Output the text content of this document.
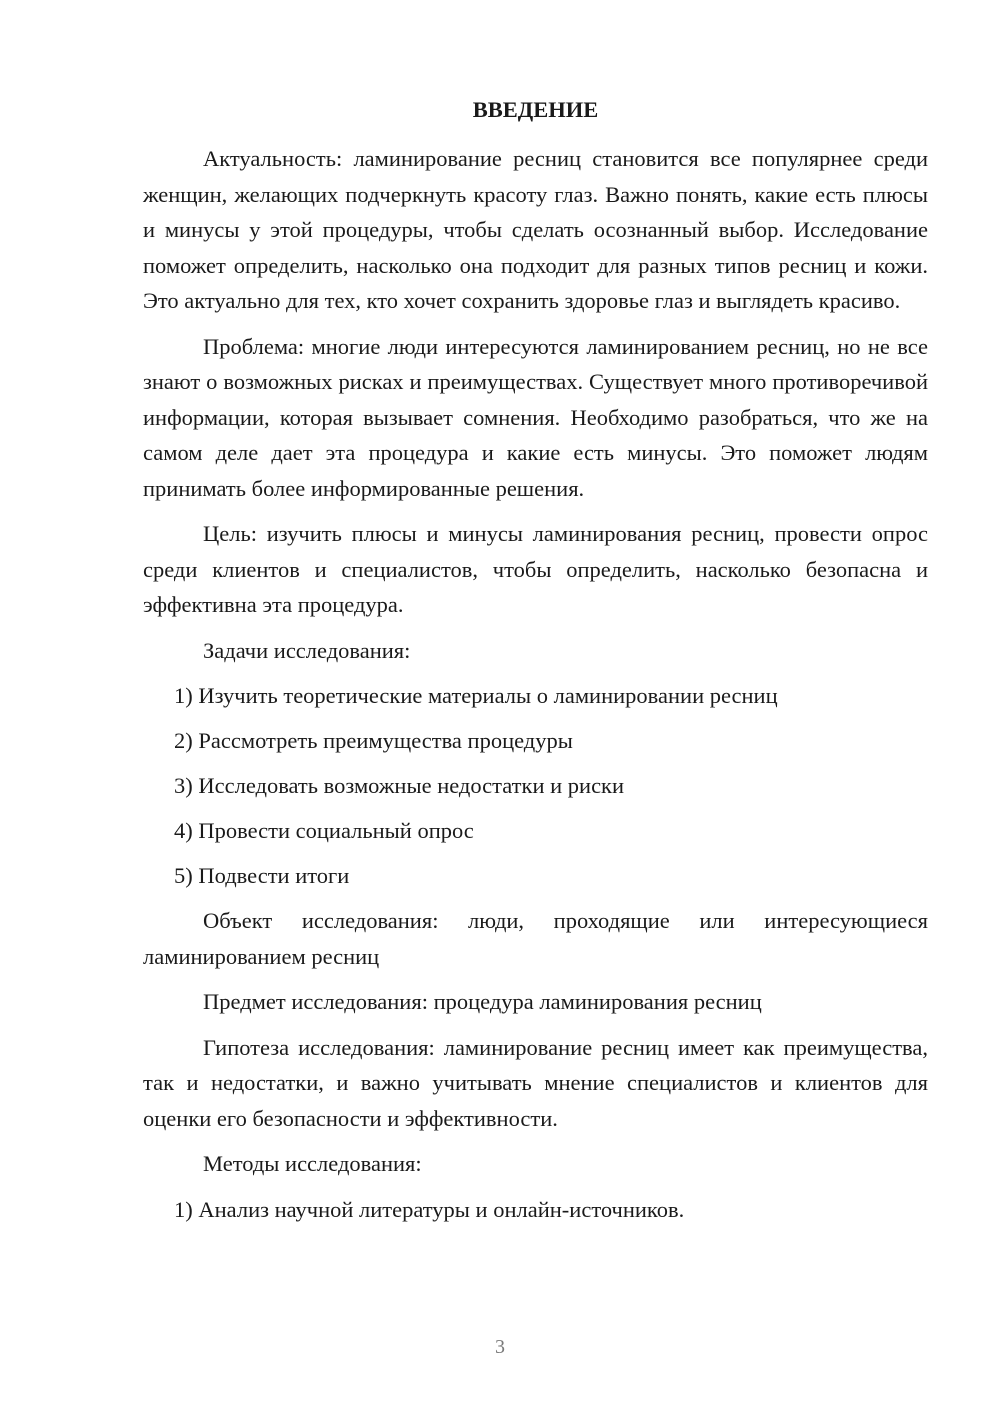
ВВЕДЕНИЕ

Актуальность: ламинирование ресниц становится все популярнее среди женщин, желающих подчеркнуть красоту глаз. Важно понять, какие есть плюсы и минусы у этой процедуры, чтобы сделать осознанный выбор. Исследование поможет определить, насколько она подходит для разных типов ресниц и кожи. Это актуально для тех, кто хочет сохранить здоровье глаз и выглядеть красиво.

Проблема: многие люди интересуются ламинированием ресниц, но не все знают о возможных рисках и преимуществах. Существует много противоречивой информации, которая вызывает сомнения. Необходимо разобраться, что же на самом деле дает эта процедура и какие есть минусы. Это поможет людям принимать более информированные решения.

Цель: изучить плюсы и минусы ламинирования ресниц, провести опрос среди клиентов и специалистов, чтобы определить, насколько безопасна и эффективна эта процедура.

Задачи исследования:

1) Изучить теоретические материалы о ламинировании ресниц

2) Рассмотреть преимущества процедуры

3) Исследовать возможные недостатки и риски

4) Провести социальный опрос

5) Подвести итоги

Объект исследования: люди, проходящие или интересующиеся ламинированием ресниц

Предмет исследования: процедура ламинирования ресниц

Гипотеза исследования: ламинирование ресниц имеет как преимущества, так и недостатки, и важно учитывать мнение специалистов и клиентов для оценки его безопасности и эффективности.

Методы исследования:

1) Анализ научной литературы и онлайн-источников.

3
